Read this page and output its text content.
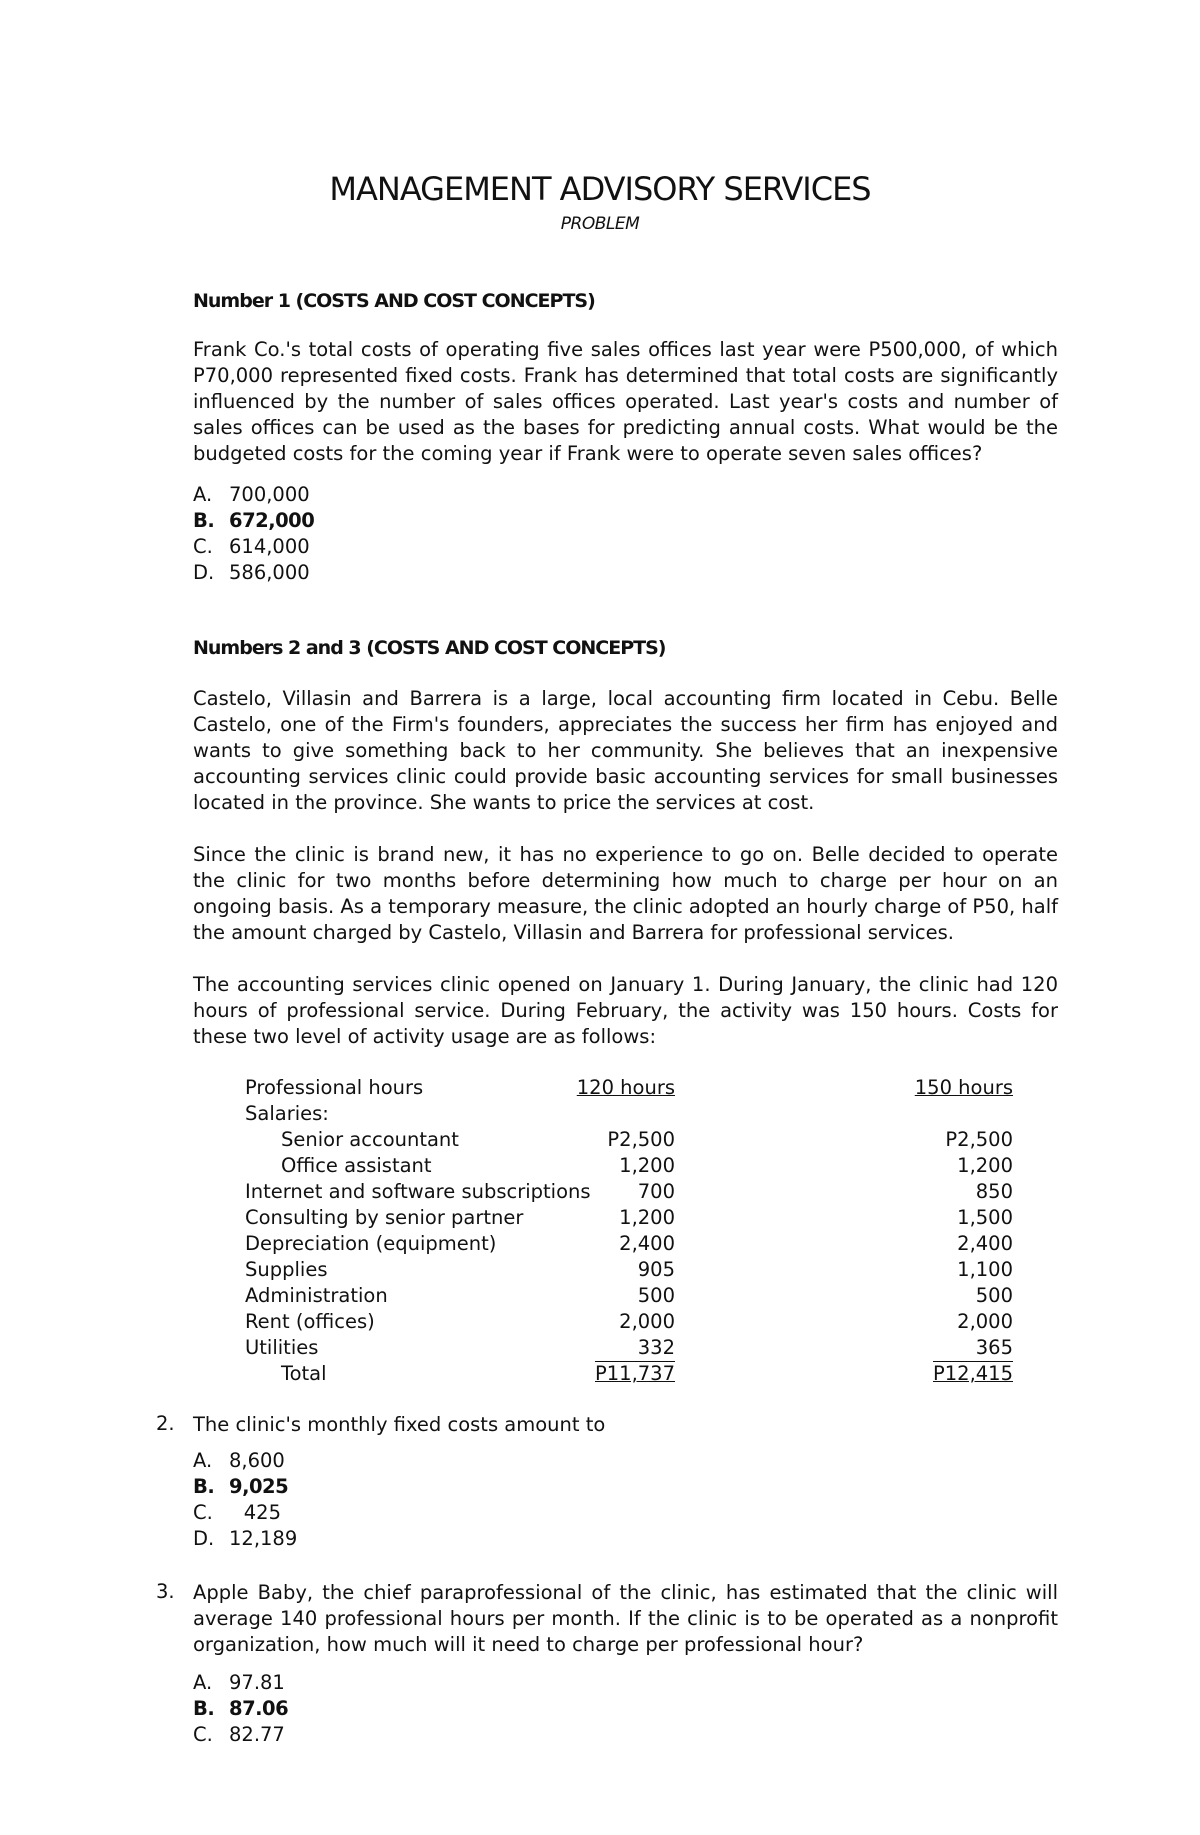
MANAGEMENT ADVISORY SERVICES
PROBLEM
Number 1 (COSTS AND COST CONCEPTS)
Frank Co.'s total costs of operating five sales offices last year were P500,000, of which P70,000 represented fixed costs. Frank has determined that total costs are significantly influenced by the number of sales offices operated. Last year's costs and number of sales offices can be used as the bases for predicting annual costs. What would be the budgeted costs for the coming year if Frank were to operate seven sales offices?
A. 700,000
B. 672,000
C. 614,000
D. 586,000
Numbers 2 and 3 (COSTS AND COST CONCEPTS)
Castelo, Villasin and Barrera is a large, local accounting firm located in Cebu. Belle Castelo, one of the Firm's founders, appreciates the success her firm has enjoyed and wants to give something back to her community. She believes that an inexpensive accounting services clinic could provide basic accounting services for small businesses located in the province. She wants to price the services at cost.
Since the clinic is brand new, it has no experience to go on. Belle decided to operate the clinic for two months before determining how much to charge per hour on an ongoing basis. As a temporary measure, the clinic adopted an hourly charge of P50, half the amount charged by Castelo, Villasin and Barrera for professional services.
The accounting services clinic opened on January 1. During January, the clinic had 120 hours of professional service. During February, the activity was 150 hours. Costs for these two level of activity usage are as follows:
Professional hours	120 hours	150 hours
Salaries:
Senior accountant	P2,500	P2,500
Office assistant	1,200	1,200
Internet and software subscriptions 700	850
Consulting by senior partner	1,200	1,500
Depreciation (equipment)	2,400	2,400
Supplies	905	1,100
Administration	500	500
Rent (offices)	2,000	2,000
Utilities	332	365
Total	P11,737	P12,415
2. The clinic's monthly fixed costs amount to
A. 8,600
B. 9,025
C. 425
D. 12,189
3. Apple Baby, the chief paraprofessional of the clinic, has estimated that the clinic will average 140 professional hours per month. If the clinic is to be operated as a nonprofit organization, how much will it need to charge per professional hour?
A. 97.81
B. 87.06
C. 82.77
